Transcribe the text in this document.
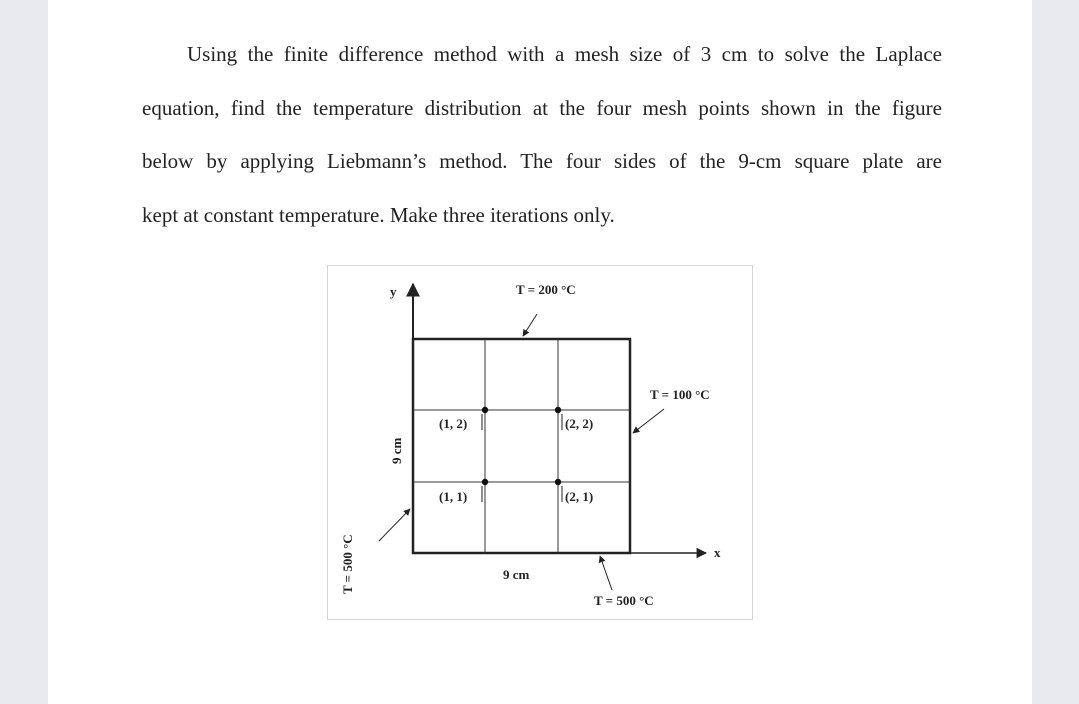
Using the finite difference method with a mesh size of 3 cm to solve the Laplace
equation, find the temperature distribution at the four mesh points shown in the figure
below by applying Liebmann’s method. The four sides of the 9-cm square plate are
kept at constant temperature. Make three iterations only.
(1, 2)	(2, 2)
(1, 1)	(2, 1)
y
x
T = 200 °C
T = 100 °C
T = 500 °C
9 cm
9 cm
T = 500 °C
